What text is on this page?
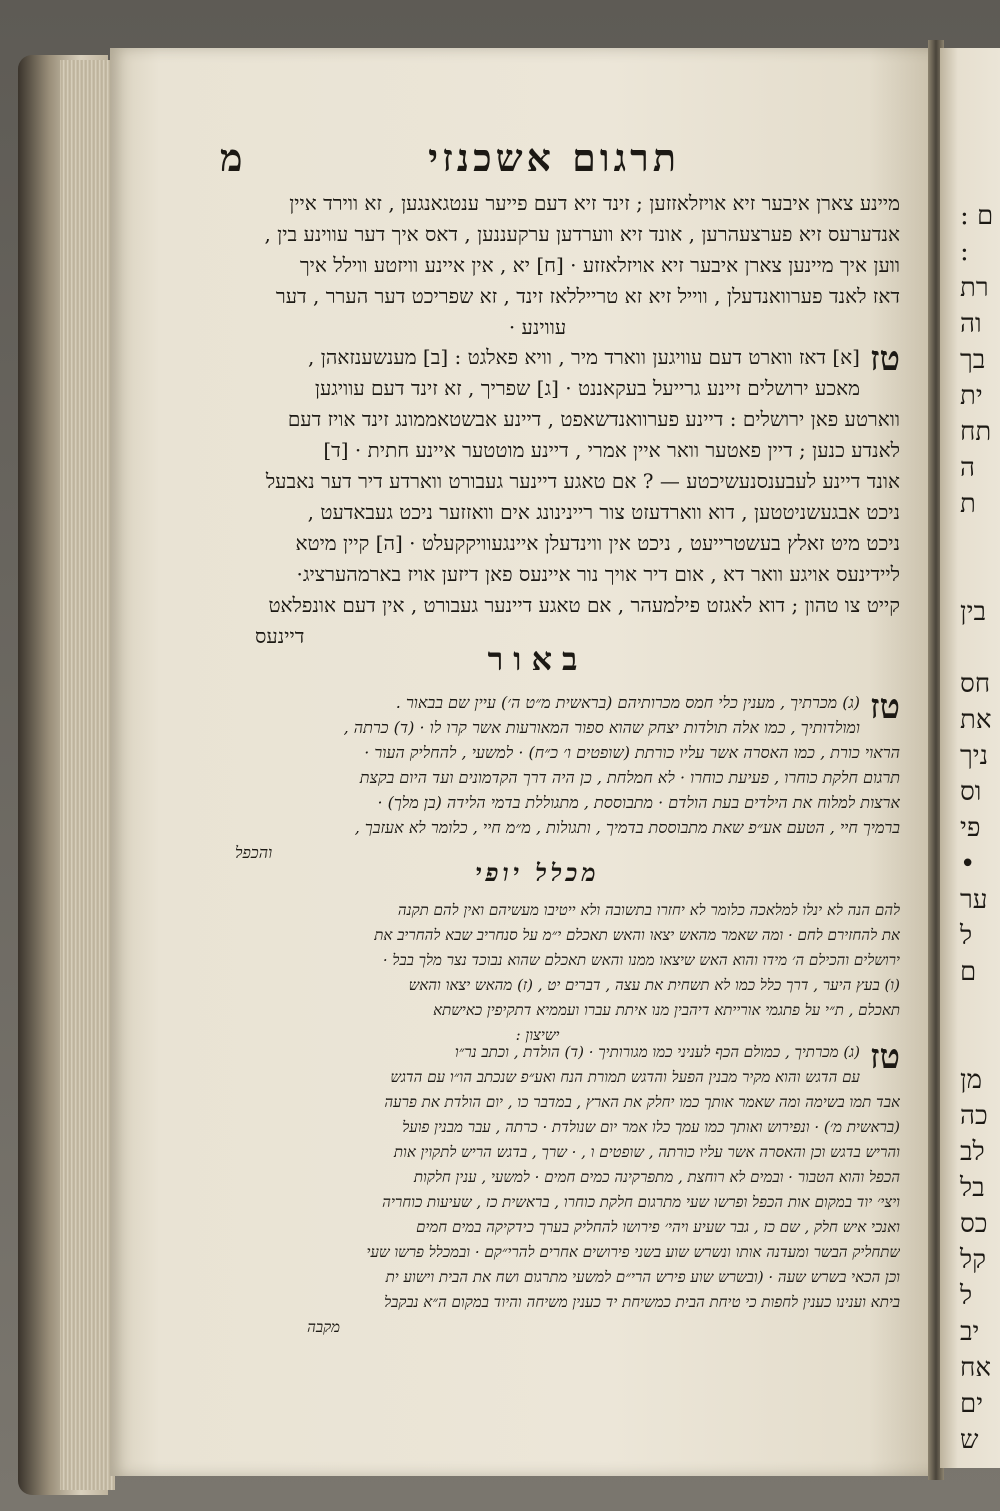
ם :
:
רת
וה
בך
ית
תח
ה
ת
בין
חס
את
ניך
וס
פי
•
ער
ל
ם
מן
כה
לב
בל
כס
קל
ל
יב
אח
ים
ש
תרגום אשכנזי
מ
מיינע צארן איבער זיא אויזלאזזען ; זינד זיא דעם פייער ענטגאנגען , זא ווירד איין
אנדערעס זיא פערצעהרען , אונד זיא ווערדען ערקעננען , דאס איך דער עווינע בין ,
ווען איך מיינען צארן איבער זיא אויזלאזזע · [ח] יא , אין איינע וויזטע ווילל איך
דאז לאנד פערוואנדעלן , ווייל זיא זא טרייללאז זינד , זא שפריכט דער הערר , דער
עווינע ·
טז
[א] דאז ווארט דעם עוויגען ווארד מיר , וויא פאלגט : [ב] מענשענזאהן ,
מאכע ירושלים זיינע גרייעל בעקאננט · [ג] שפריך , זא זינד דעם עוויגען
ווארטע פאן ירושלים : דיינע פערוואנדשאפט , דיינע אבשטאממונג זינד אויז דעם
לאנדע כנען ; דיין פאטער וואר איין אמרי , דיינע מוטטער איינע חתית · [ד]
אונד דיינע לעבענסנעשיכטע — ? אם טאגע דיינער געבורט ווארדע דיר דער נאבעל
ניכט אבגעשניטטען , דוא ווארדעזט צור ריינינונג אים וואזזער ניכט געבאדעט ,
ניכט מיט זאלץ בעשטרייעט , ניכט אין ווינדעלן איינגעוויקקעלט · [ה] קיין מיטא
ליידינעס אויגע וואר דא , אום דיר אויך נור איינעס פאן דיזען אויז בארמהערציג·
קייט צו טהון ; דוא לאגזט פילמעהר , אם טאגע דיינער געבורט , אין דעם אונפלאט
דיינעס
באור
טז
(ג) מכרתיך , מענין כלי חמס מכרותיהם (בראשית מ״ט ה׳) עיין שם בבאור .
ומולדותיך , כמו אלה תולדות יצחק שהוא ספור המאורעות אשר קרו לו · (ד) כרתה ,
הראוי כורת , כמו האסרה אשר עליו כורתת (שופטים ו׳ כ״ח) · למשעי , להחליק העור ·
תרגום חלקת כוחרו , פעיעת כוחרו · לא חמלחת , כן היה דרך הקדמונים ועד היום בקצת
ארצות למלוח את הילדים בעת הולדם · מתבוססת , מתגוללת בדמי הלידה (בן מלך) ·
ברמיך חיי , הטעם אע״פ שאת מתבוססת בדמיך , ותגולות , מ״מ חיי , כלומר לא אעזבך ,
והכפל
מכלל יופי
להם הנה לא ינלו למלאכה כלומר לא יחזרו בתשובה ולא ייטיבו מעשיהם ואין להם תקנה
את להחזירם לחם · ומה שאמר מהאש יצאו והאש תאכלם י״מ על סנחריב שבא להחריב את
ירושלים והכילם ה׳ מידו והוא האש שיצאו ממנו והאש תאכלם שהוא נבוכד נצר מלך בבל ·
(ו) בעץ היער , דרך כלל כמו לא תשחית את עצה , דברים יט , (ז) מהאש יצאו והאש
תאכלם , ת״י על פתגמי אורייתא דיהבין מנו איתת עברו ועממיא דתקיפין כאישתא
ישיצון :
טז
(ג) מכרתיך , כמולם הכף לעניני כמו מגורותיך · (ד) הולדת , וכתב נר״ו
עם הדגש והוא מקיר מבנין הפעל והדגש תמורת הנח ואע״פ שנכתב הו״ו עם הדגש
אבד תמו בשימה ומה שאמר אותך כמו יחלק את הארץ , במדבר כו , יום הולדת את פרעה
(בראשית מ׳) · ונפירוש ואותך כמו עמך כלו אמר יום שנולדת · כרתה , עבר מבנין פועל
והריש בדגש וכן והאסרה אשר עליו כורתה , שופטים ו , · שרך , בדגש הריש לתקוין אות
הכפל והוא הטבור · ובמים לא רוחצת , מתפרקינה כמים חמים · למשעי , ענין חלקות
ויצי׳ יוד במקום אות הכפל ופרשו שעי מתרגום חלקת כוחרו , בראשית כז , שעיעות כוחריה
ואנכי איש חלק , שם כז , גבר שעיע ויהי׳ פירושו להחליק בערך כידקיקה במים חמים
שתחליק הבשר ומעדנה אותו ונשרש שוע בשני פירושים אחרים להרי״קם · ובמכלל פרשו שעי
וכן הכאי בשרש שעה · (ובשרש שוע פירש הרי״ם למשעי מתרגום ושח את הבית וישוע ית
ביתא וענינו כענין לחפות כי טיחת הבית כמשיחת יד כענין משיחה והיוד במקום ה״א נבקבל
מקבה
